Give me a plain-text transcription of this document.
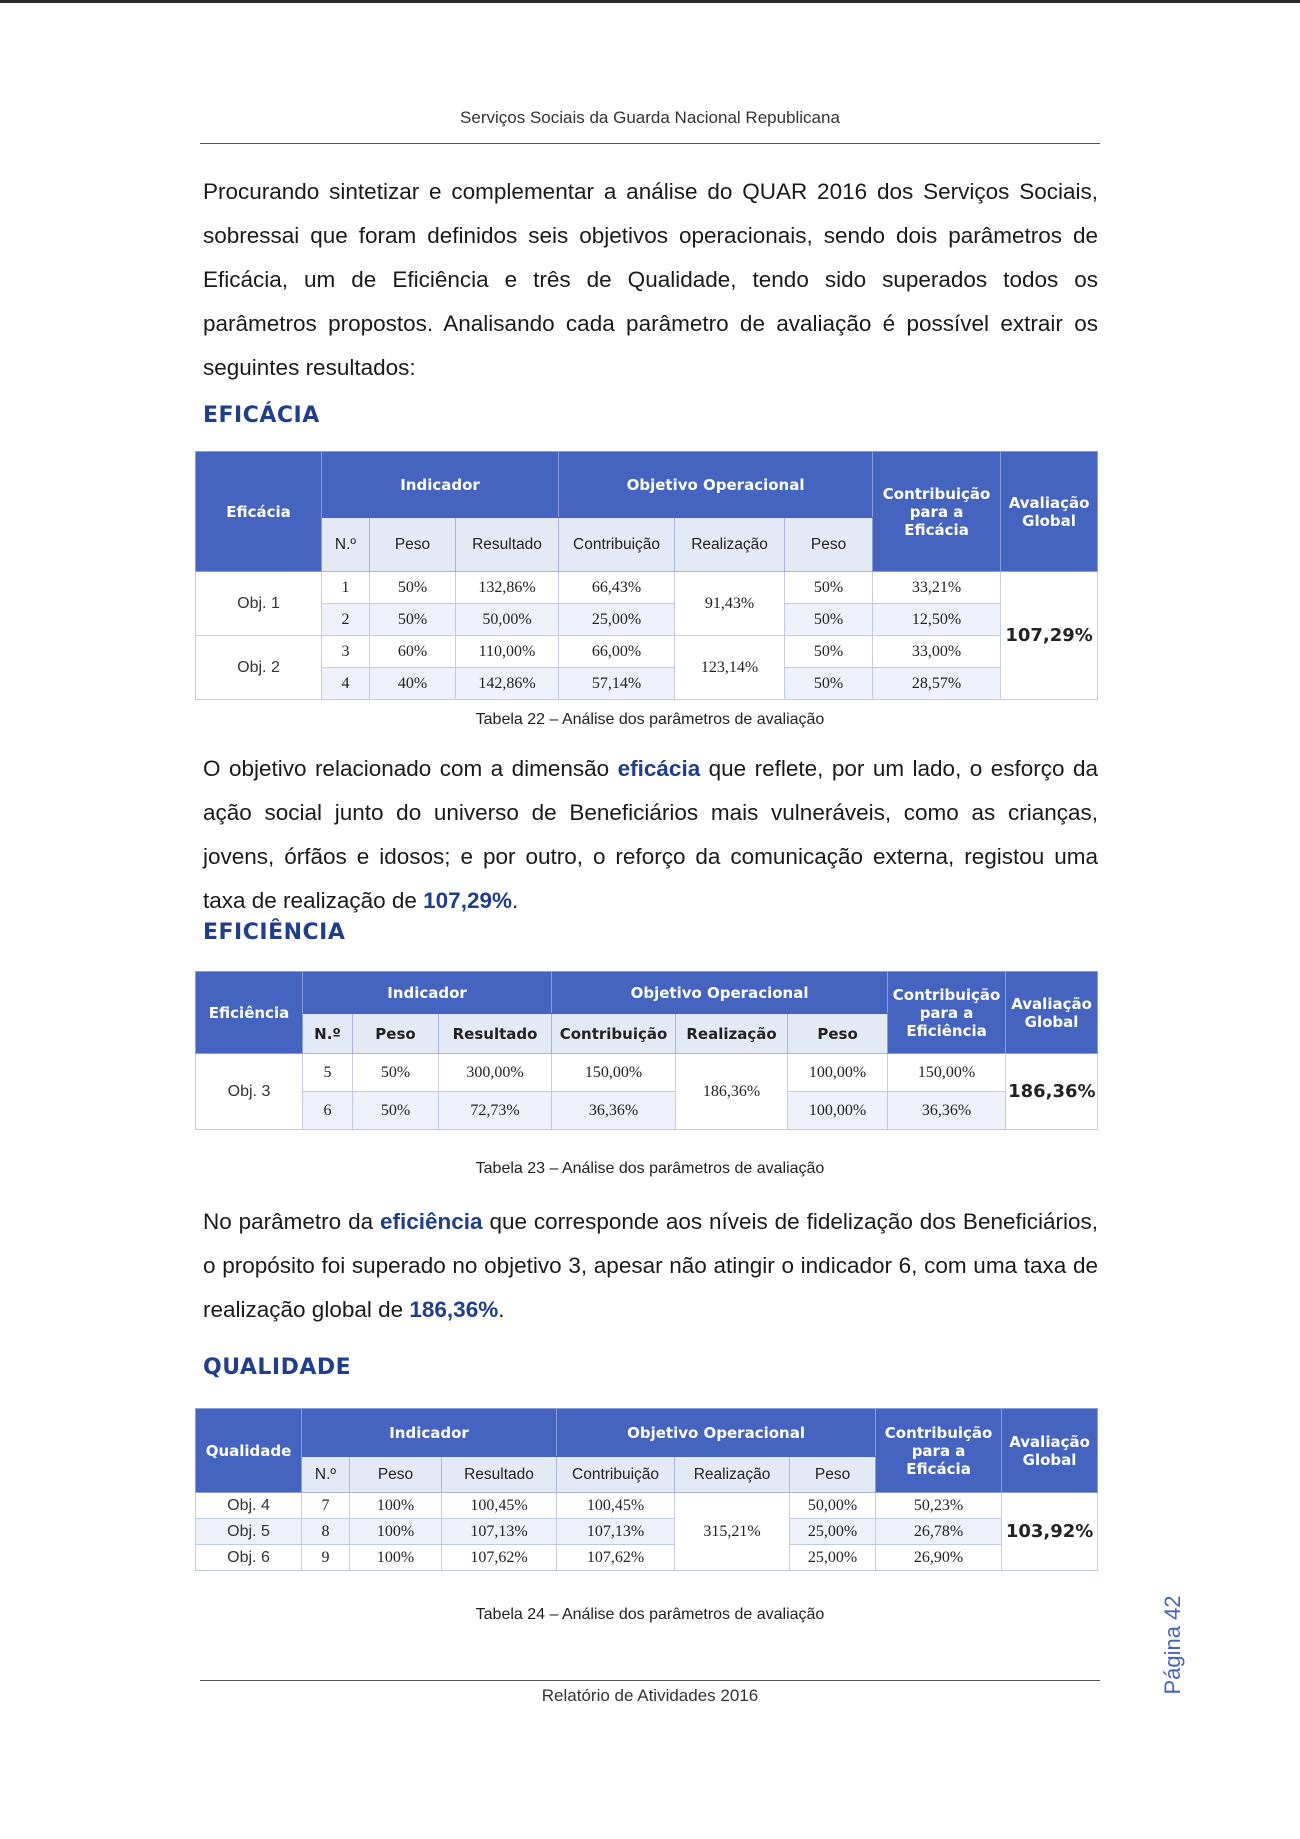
Serviços Sociais da Guarda Nacional Republicana

Procurando sintetizar e complementar a análise do QUAR 2016 dos Serviços Sociais, sobressai que foram definidos seis objetivos operacionais, sendo dois parâmetros de Eficácia, um de Eficiência e três de Qualidade, tendo sido superados todos os parâmetros propostos. Analisando cada parâmetro de avaliação é possível extrair os seguintes resultados:

EFICÁCIA
Eficácia	Indicador			Objetivo Operacional			Contribuição
para a
Eficácia	Avaliação
Global
	N.º	Peso	Resultado	Contribuição	Realização	Peso		
Obj. 1	1	50%	132,86%	66,43%	91,43%	50%	33,21%	107,29%
	2	50%	50,00%	25,00%		50%	12,50%	
Obj. 2	3	60%	110,00%	66,00%	123,14%	50%	33,00%	
	4	40%	142,86%	57,14%		50%	28,57%	
Tabela 22 – Análise dos parâmetros de avaliação

O objetivo relacionado com a dimensão eficácia que reflete, por um lado, o esforço da ação social junto do universo de Beneficiários mais vulneráveis, como as crianças, jovens, órfãos e idosos; e por outro, o reforço da comunicação externa, registou uma taxa de realização de 107,29%.

EFICIÊNCIA
Eficiência	Indicador			Objetivo Operacional			Contribuição
para a
Eficiência	Avaliação
Global
	N.º	Peso	Resultado	Contribuição	Realização	Peso		
Obj. 3	5	50%	300,00%	150,00%	186,36%	100,00%	150,00%	186,36%
	6	50%	72,73%	36,36%		100,00%	36,36%	
Tabela 23 – Análise dos parâmetros de avaliação

No parâmetro da eficiência que corresponde aos níveis de fidelização dos Beneficiários, o propósito foi superado no objetivo 3, apesar não atingir o indicador 6, com uma taxa de realização global de 186,36%.

QUALIDADE
Qualidade	Indicador			Objetivo Operacional			Contribuição
para a
Eficácia	Avaliação
Global
	N.º	Peso	Resultado	Contribuição	Realização	Peso		
Obj. 4	7	100%	100,45%	100,45%	315,21%	50,00%	50,23%	103,92%
Obj. 5	8	100%	107,13%	107,13%		25,00%	26,78%	
Obj. 6	9	100%	107,62%	107,62%		25,00%	26,90%	
Tabela 24 – Análise dos parâmetros de avaliação	Página 42
Relatório de Atividades 2016
